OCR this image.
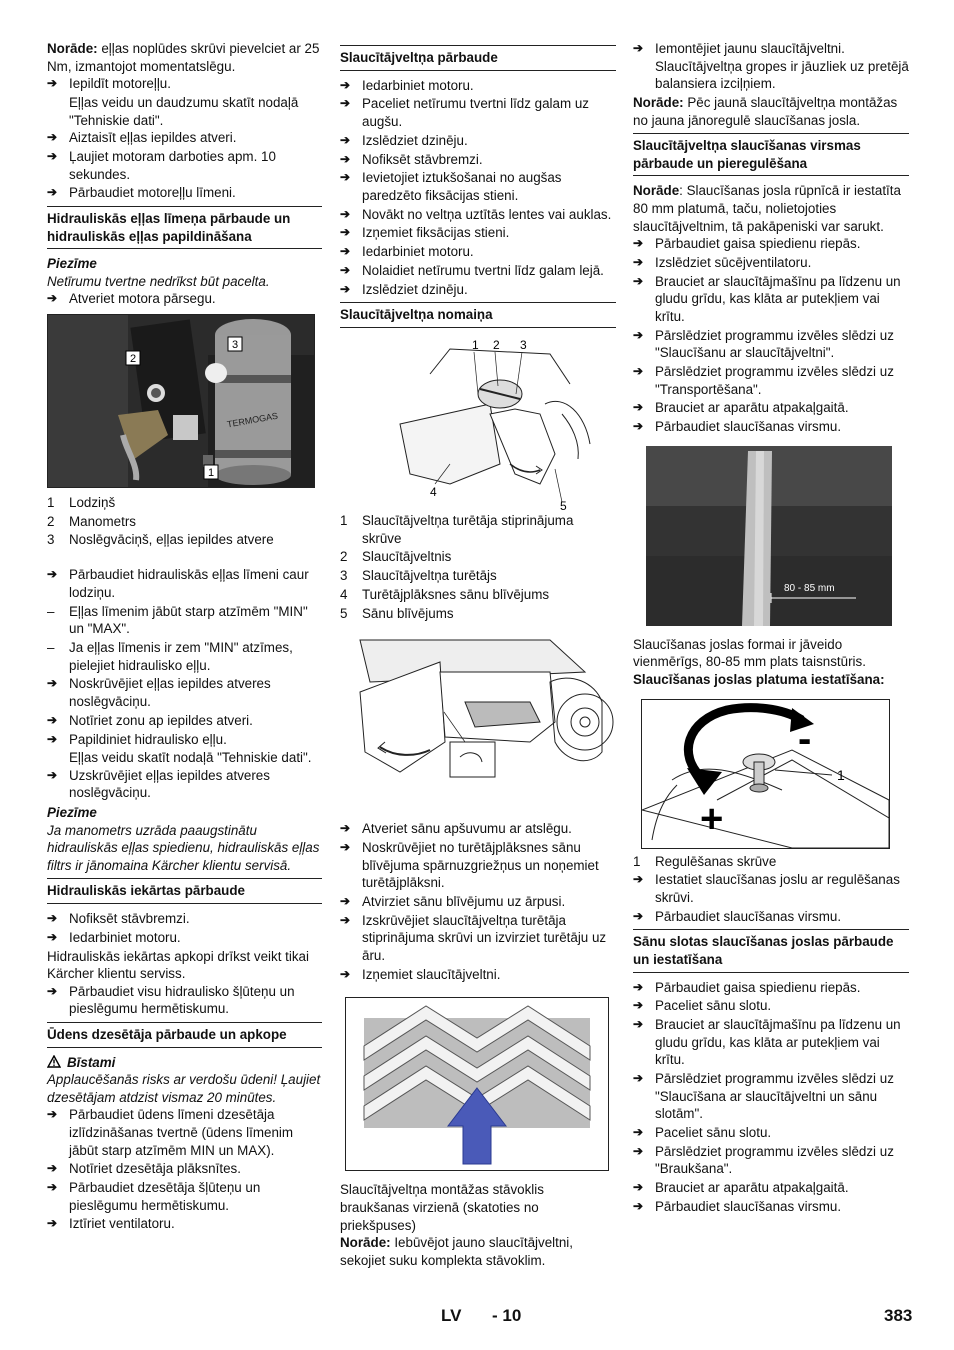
Norāde: eļļas noplūdes skrūvi pievelciet ar 25 Nm, izmantojot momentatslēgu.

➔ Iepildīt motoreļļu.
Eļļas veidu un daudzumu skatīt nodaļā "Tehniskie dati".
➔ Aiztaisīt eļļas iepildes atveri.
➔ Ļaujiet motoram darboties apm. 10 sekundes.
➔ Pārbaudiet motoreļļu līmeni.
Hidrauliskās eļļas līmeņa pārbaude un hidrauliskās eļļas papildināšana
Piezīme
Netīrumu tvertne nedrīkst būt pacelta.
➔ Atveriet motora pārsegu.
TERMOGAS
2
3
1
1 Lodziņš
2 Manometrs
3 Noslēgvāciņš, eļļas iepildes atvere
➔ Pārbaudiet hidrauliskās eļļas līmeni caur lodziņu.
– Eļļas līmenim jābūt starp atzīmēm "MIN" un "MAX".
– Ja eļļas līmenis ir zem "MIN" atzīmes, pielejiet hidraulisko eļļu.
➔ Noskrūvējiet eļļas iepildes atveres noslēgvāciņu.
➔ Notīriet zonu ap iepildes atveri.
➔ Papildiniet hidraulisko eļļu.
Eļļas veidu skatīt nodaļā "Tehniskie dati".
➔ Uzskrūvējiet eļļas iepildes atveres noslēgvāciņu.
Piezīme
Ja manometrs uzrāda paaugstinātu hidrauliskās eļļas spiedienu, hidrauliskās eļļas filtrs ir jānomaina Kärcher klientu servisā.
Hidrauliskās iekārtas pārbaude
➔ Nofiksēt stāvbremzi.
➔ Iedarbiniet motoru.

Hidrauliskās iekārtas apkopi drīkst veikt tikai Kärcher klientu serviss.

➔ Pārbaudiet visu hidraulisko šļūteņu un pieslēgumu hermētiskumu.
Ūdens dzesētāja pārbaude un apkope
Bīstami
Applaucēšanās risks ar verdošu ūdeni! Ļaujiet dzesētājam atdzist vismaz 20 minūtes.
➔ Pārbaudiet ūdens līmeni dzesētāja izlīdzināšanas tvertnē (ūdens līmenim jābūt starp atzīmēm MIN un MAX).
➔ Notīriet dzesētāja plāksnītes.
➔ Pārbaudiet dzesētāja šļūteņu un pieslēgumu hermētiskumu.
➔ Iztīriet ventilatoru.
Slaucītājveltņa pārbaude
➔ Iedarbiniet motoru.
➔ Paceliet netīrumu tvertni līdz galam uz augšu.
➔ Izslēdziet dzinēju.
➔ Nofiksēt stāvbremzi.
➔ Ievietojiet iztukšošanai no augšas paredzēto fiksācijas stieni.
➔ Novākt no veltņa uztītās lentes vai auklas.
➔ Izņemiet fiksācijas stieni.
➔ Iedarbiniet motoru.
➔ Nolaidiet netīrumu tvertni līdz galam lejā.
➔ Izslēdziet dzinēju.
Slaucītājveltņa nomaiņa
1 2 3
4
5
1 Slaucītājveltņa turētāja stiprinājuma skrūve
2 Slaucītājveltnis
3 Slaucītājveltņa turētājs
4 Turētājplāksnes sānu blīvējums
5 Sānu blīvējums
➔ Atveriet sānu apšuvumu ar atslēgu.
➔ Noskrūvējiet no turētājplāksnes sānu blīvējuma spārnuzgriežņus un noņemiet turētājplāksni.
➔ Atvirziet sānu blīvējumu uz ārpusi.
➔ Izskrūvējiet slaucītājveltņa turētāja stiprinājuma skrūvi un izvirziet turētāju uz āru.
➔ Izņemiet slaucītājveltni.

Slaucītājveltņa montāžas stāvoklis braukšanas virzienā (skatoties no priekšpuses)

Norāde: Iebūvējot jauno slaucītājveltni, sekojiet suku komplekta stāvoklim.

➔ Iemontējiet jaunu slaucītājveltni. Slaucītājveltņa gropes ir jāuzliek uz pretējā balansiera izciļņiem.

Norāde: Pēc jaunā slaucītājveltņa montāžas no jauna jānoregulē slaucīšanas josla.

Slaucītājveltņa slaucīšanas virsmas pārbaude un pieregulēšana

Norāde: Slaucīšanas josla rūpnīcā ir iestatīta 80 mm platumā, taču, nolietojoties slaucītājveltnim, tā pakāpeniski var sarukt.

➔ Pārbaudiet gaisa spiedienu riepās.
➔ Izslēdziet sūcējventilatoru.
➔ Brauciet ar slaucītājmašīnu pa līdzenu un gludu grīdu, kas klāta ar putekļiem vai krītu.
➔ Pārslēdziet programmu izvēles slēdzi uz "Slaucīšanu ar slaucītājveltni".
➔ Pārslēdziet programmu izvēles slēdzi uz "Transportēšana".
➔ Brauciet ar aparātu atpakaļgaitā.
➔ Pārbaudiet slaucīšanas virsmu.
80 - 85 mm

Slaucīšanas joslas formai ir jāveido vienmērīgs, 80-85 mm plats taisnstūris.

Slaucīšanas joslas platuma iestatīšana:

1
-
+
1 Regulēšanas skrūve
➔ Iestatiet slaucīšanas joslu ar regulēšanas skrūvi.
➔ Pārbaudiet slaucīšanas virsmu.
Sānu slotas slaucīšanas joslas pārbaude un iestatīšana
➔ Pārbaudiet gaisa spiedienu riepās.
➔ Paceliet sānu slotu.
➔ Brauciet ar slaucītājmašīnu pa līdzenu un gludu grīdu, kas klāta ar putekļiem vai krītu.
➔ Pārslēdziet programmu izvēles slēdzi uz "Slaucīšana ar slaucītājveltni un sānu slotām".
➔ Paceliet sānu slotu.
➔ Pārslēdziet programmu izvēles slēdzi uz "Braukšana".
➔ Brauciet ar aparātu atpakaļgaitā.
➔ Pārbaudiet slaucīšanas virsmu.
LV - 10	383
